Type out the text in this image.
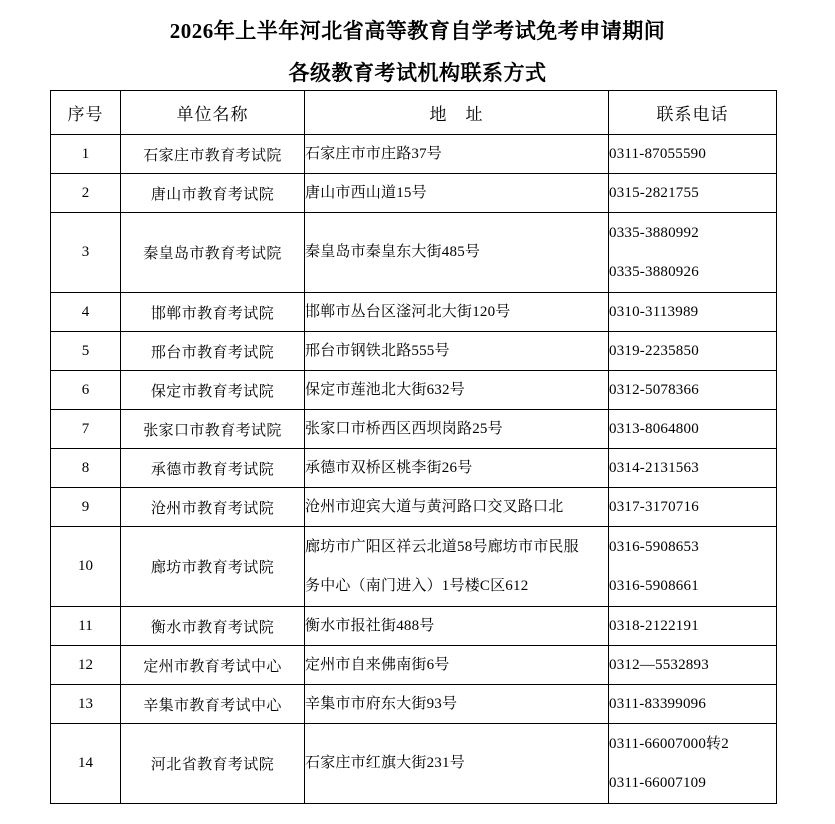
2026年上半年河北省高等教育自学考试免考申请期间
各级教育考试机构联系方式
序号	单位名称	地 址	联系电话
1	石家庄市教育考试院	石家庄市市庄路37号	0311-87055590

2	唐山市教育考试院	唐山市西山道15号	0315-2821755

3	秦皇岛市教育考试院	秦皇岛市秦皇东大街485号	0335-3880992
0335-3880926

4	邯郸市教育考试院	邯郸市丛台区滏河北大街120号	0310-3113989

5	邢台市教育考试院	邢台市钢铁北路555号	0319-2235850

6	保定市教育考试院	保定市莲池北大街632号	0312-5078366

7	张家口市教育考试院	张家口市桥西区西坝岗路25号	0313-8064800

8	承德市教育考试院	承德市双桥区桃李街26号	0314-2131563

9	沧州市教育考试院	沧州市迎宾大道与黄河路口交叉路口北	0317-3170716

10	廊坊市教育考试院	廊坊市广阳区祥云北道58号廊坊市市民服
务中心（南门进入）1号楼C区612	0316-5908653
0316-5908661

11	衡水市教育考试院	衡水市报社街488号	0318-2122191

12	定州市教育考试中心	定州市自来佛南街6号	0312—5532893

13	辛集市教育考试中心	辛集市市府东大街93号	0311-83399096

14	河北省教育考试院	石家庄市红旗大街231号	0311-66007000转2
0311-66007109
